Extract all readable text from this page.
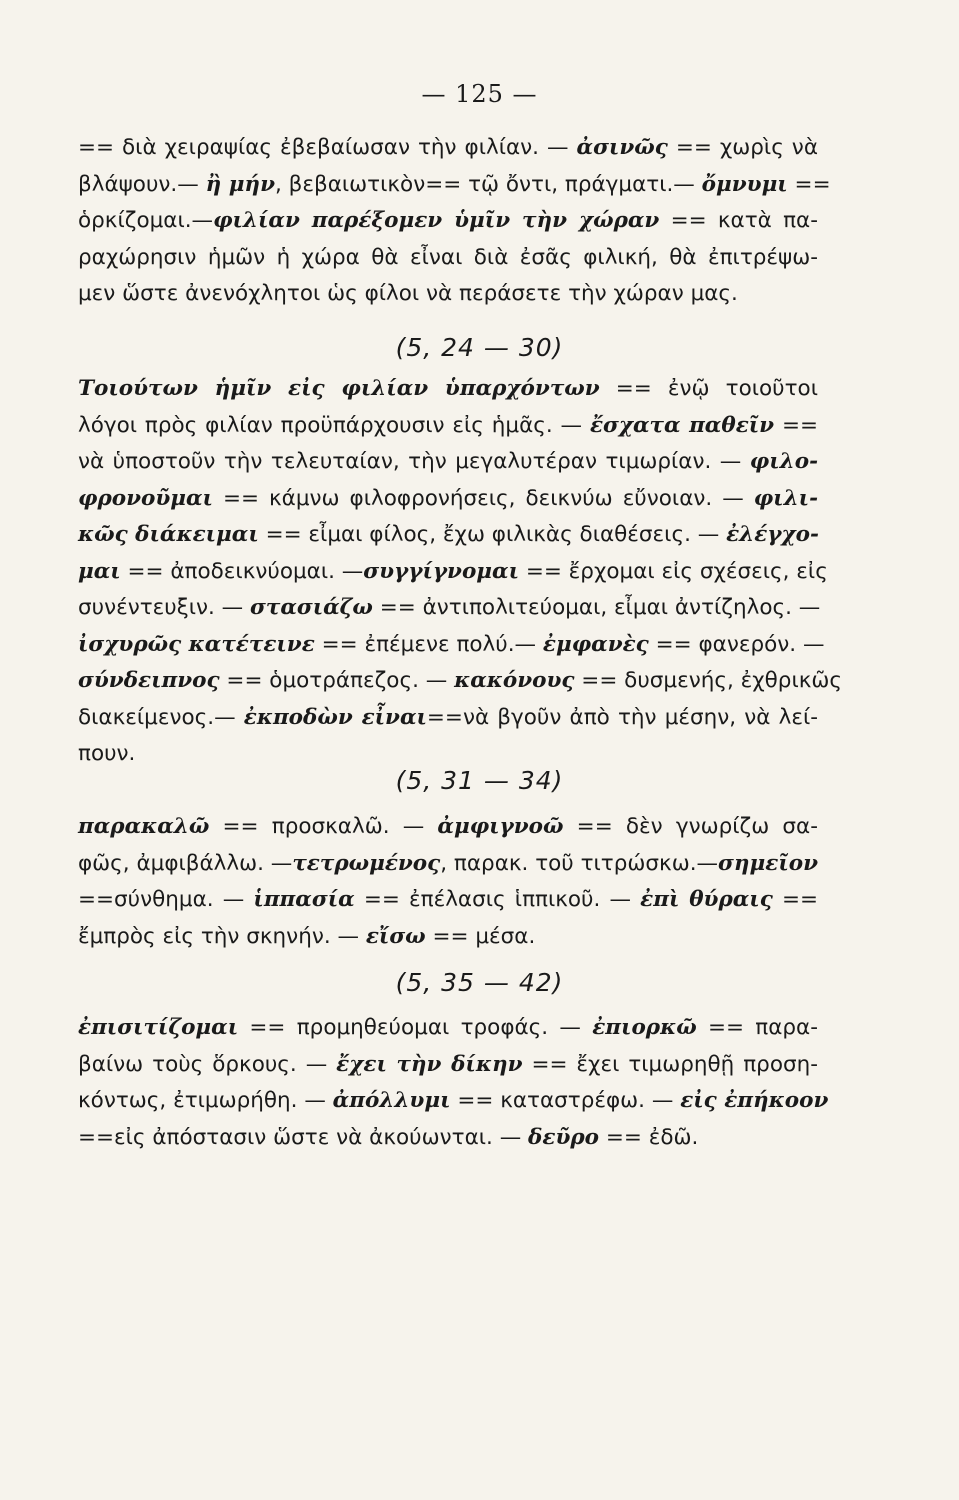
— 125 —
== διὰ χειραψίας ἐβεβαίωσαν τὴν φιλίαν. — ἀσινῶς == χωρὶς νὰ
βλάψουν.— ἢ μήν, βεβαιωτικὸν== τῷ ὄντι, πράγματι.— ὄμνυμι ==
ὁρκίζομαι.—φιλίαν παρέξομεν ὑμῖν τὴν χώραν == κατὰ πα-
ραχώρησιν ἡμῶν ἡ χώρα θὰ εἶναι διὰ ἐσᾶς φιλική, θὰ ἐπιτρέψω-
μεν ὥστε ἀνενόχλητοι ὡς φίλοι νὰ περάσετε τὴν χώραν μας.
(5, 24 — 30)
Τοιούτων ἡμῖν εἰς φιλίαν ὑπαρχόντων == ἐνῷ τοιοῦτοι
λόγοι πρὸς φιλίαν προϋπάρχουσιν εἰς ἡμᾶς. — ἔσχατα παθεῖν ==
νὰ ὑποστοῦν τὴν τελευταίαν, τὴν μεγαλυτέραν τιμωρίαν. — φιλο-
φρονοῦμαι == κάμνω φιλοφρονήσεις, δεικνύω εὔνοιαν. — φιλι-
κῶς διάκειμαι == εἶμαι φίλος, ἔχω φιλικὰς διαθέσεις. — ἐλέγχο-
μαι == ἀποδεικνύομαι. —συγγίγνομαι == ἔρχομαι εἰς σχέσεις, εἰς
συνέντευξιν. — στασιάζω == ἀντιπολιτεύομαι, εἶμαι ἀντίζηλος. —
ἰσχυρῶς κατέτεινε == ἐπέμενε πολύ.— ἐμφανὲς == φανερόν. —
σύνδειπνος == ὁμοτράπεζος. — κακόνους == δυσμενής, ἐχθρικῶς
διακείμενος.— ἐκποδὼν εἶναι==νὰ βγοῦν ἀπὸ τὴν μέσην, νὰ λεί-
πουν.
(5, 31 — 34)
παρακαλῶ == προσκαλῶ. — ἀμφιγνοῶ == δὲν γνωρίζω σα-
φῶς, ἀμφιβάλλω. —τετρωμένος, παρακ. τοῦ τιτρώσκω.—σημεῖον
==σύνθημα. — ἱππασία == ἐπέλασις ἱππικοῦ. — ἐπὶ θύραις ==
ἔμπρὸς εἰς τὴν σκηνήν. — εἴσω == μέσα.
(5, 35 — 42)
ἐπισιτίζομαι == προμηθεύομαι τροφάς. — ἐπιορκῶ == παρα-
βαίνω τοὺς ὅρκους. — ἔχει τὴν δίκην == ἔχει τιμωρηθῇ προση-
κόντως, ἐτιμωρήθη. — ἀπόλλυμι == καταστρέφω. — εἰς ἐπήκοον
==εἰς ἀπόστασιν ὥστε νὰ ἀκούωνται. — δεῦρο == ἐδῶ.
